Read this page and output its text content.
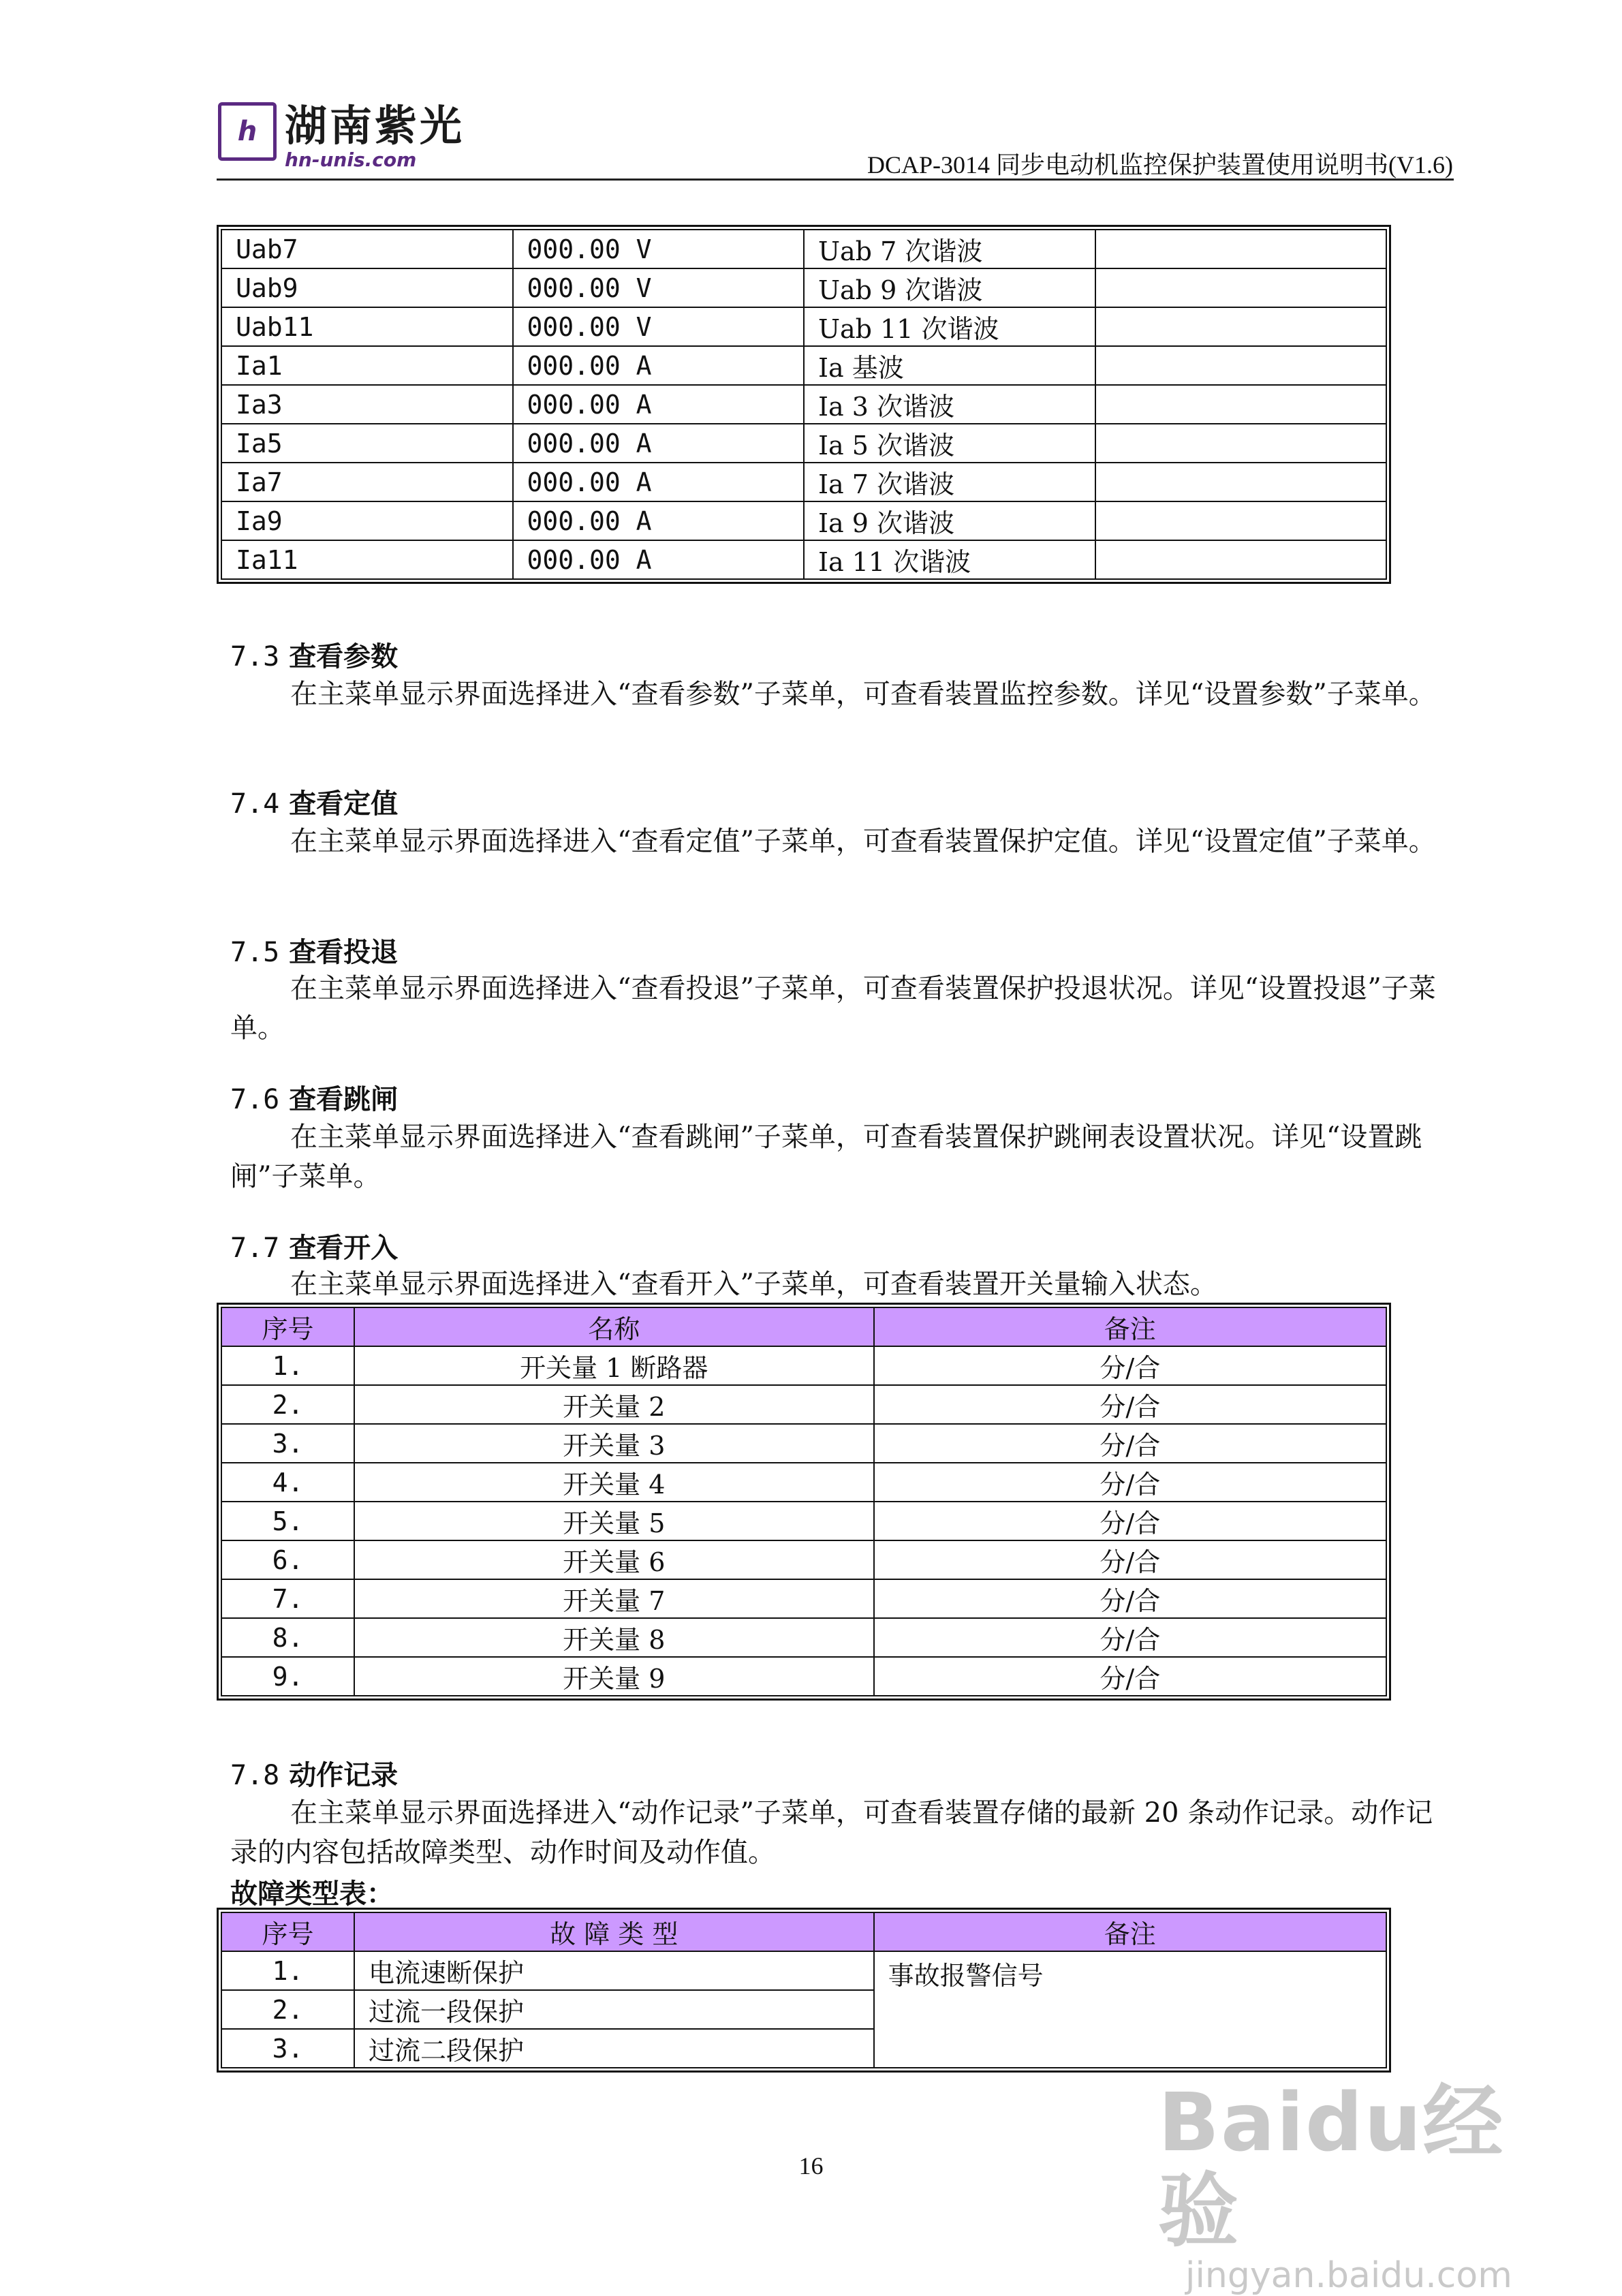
h 湖南紫光
hn-unis.com	DCAP-3014 同步电动机监控保护装置使用说明书(V1.6)
Uab7	000.00 V	Uab 7 次谐波	
Uab9	000.00 V	Uab 9 次谐波	
Uab11	000.00 V	Uab 11 次谐波	
Ia1	000.00 A	Ia 基波	
Ia3	000.00 A	Ia 3 次谐波	
Ia5	000.00 A	Ia 5 次谐波	
Ia7	000.00 A	Ia 7 次谐波	
Ia9	000.00 A	Ia 9 次谐波	
Ia11	000.00 A	Ia 11 次谐波	
7.3 查看参数
在主菜单显示界面选择进入“查看参数”子菜单，可查看装置监控参数。详见“设置参数”子菜单。
7.4 查看定值
在主菜单显示界面选择进入“查看定值”子菜单，可查看装置保护定值。详见“设置定值”子菜单。
7.5 查看投退
在主菜单显示界面选择进入“查看投退”子菜单，可查看装置保护投退状况。详见“设置投退”子菜单。
7.6 查看跳闸
在主菜单显示界面选择进入“查看跳闸”子菜单，可查看装置保护跳闸表设置状况。详见“设置跳闸”子菜单。
7.7 查看开入
在主菜单显示界面选择进入“查看开入”子菜单，可查看装置开关量输入状态。
序号	名称	备注
1.	开关量 1 断路器	分/合
2.	开关量 2	分/合
3.	开关量 3	分/合
4.	开关量 4	分/合
5.	开关量 5	分/合
6.	开关量 6	分/合
7.	开关量 7	分/合
8.	开关量 8	分/合
9.	开关量 9	分/合
7.8 动作记录
在主菜单显示界面选择进入“动作记录”子菜单，可查看装置存储的最新 20 条动作记录。动作记录的内容包括故障类型、动作时间及动作值。
故障类型表：
序号	故 障 类 型	备注
1.	电流速断保护	事故报警信号
2.	过流一段保护	
3.	过流二段保护	
16	Baidu经验
jingyan.baidu.com
